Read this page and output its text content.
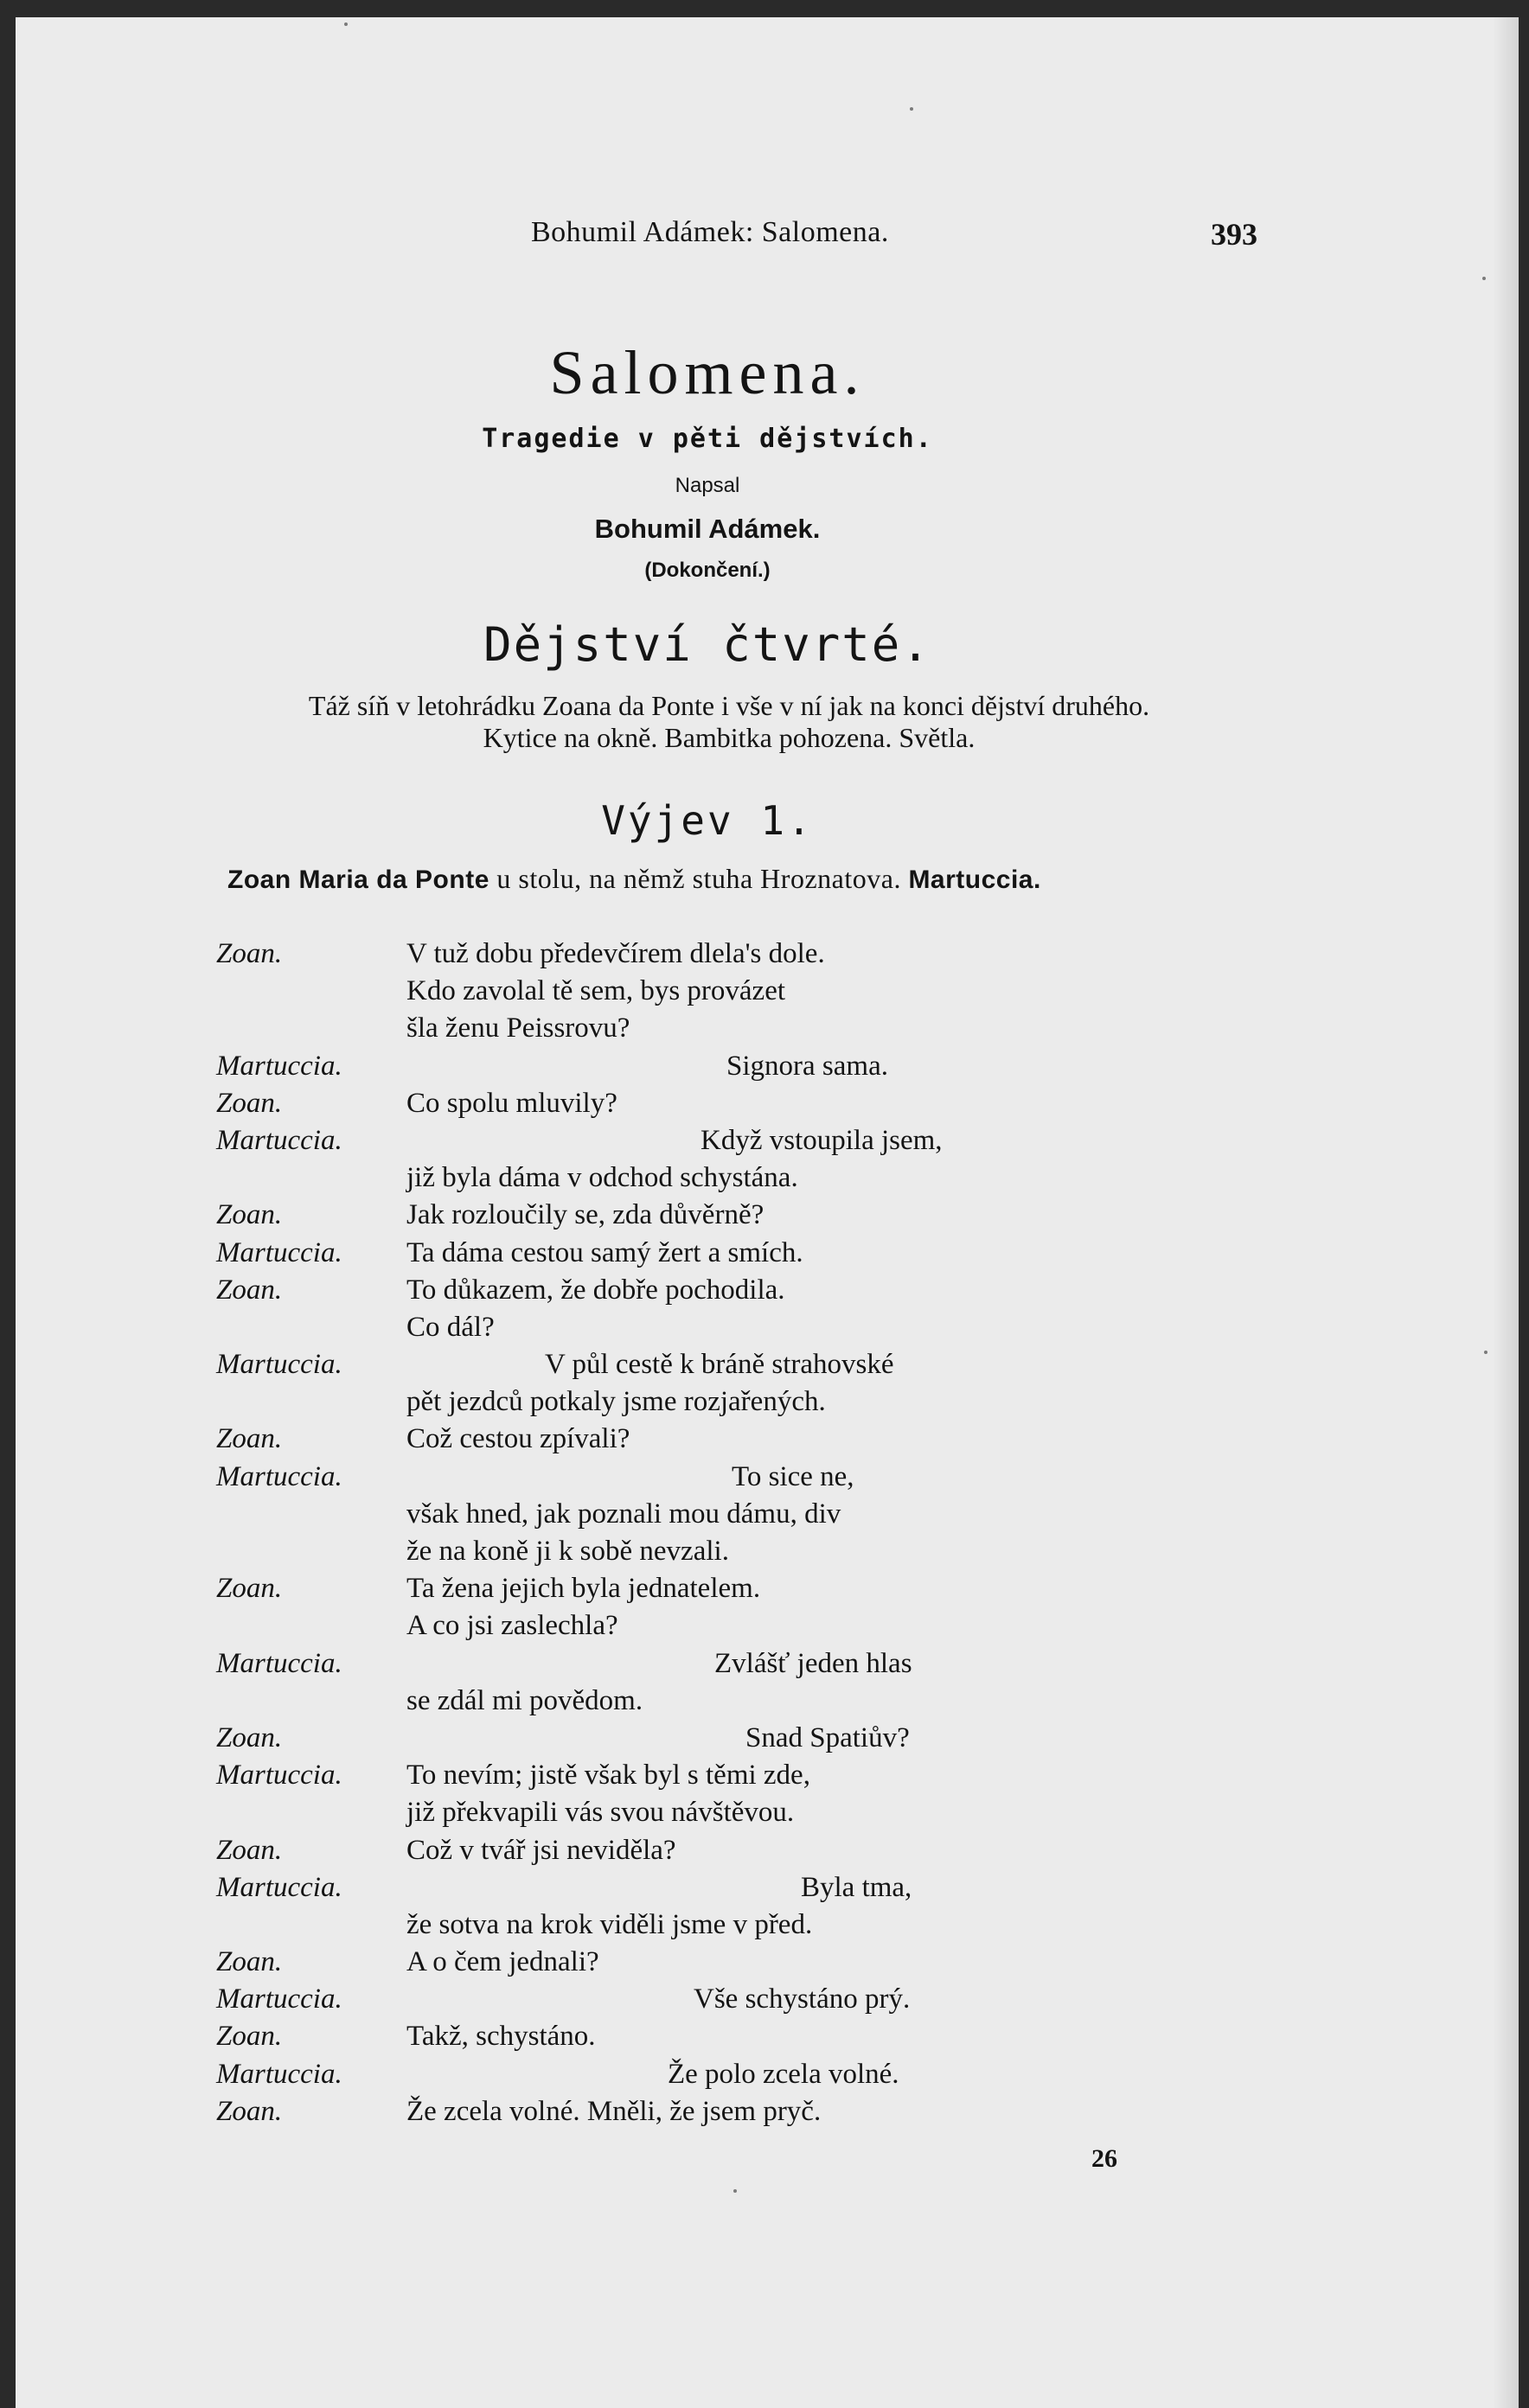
Bohumil Adámek: Salomena.	393
Salomena.
Tragedie v pěti dějstvích.
Napsal
Bohumil Adámek.
(Dokončení.)
Dějství čtvrté.
Táž síň v letohrádku Zoana da Ponte i vše v ní jak na konci dějství druhého.
Kytice na okně. Bambitka pohozena. Světla.
Výjev 1.
Zoan Maria da Ponte u stolu, na němž stuha Hroznatova. Martuccia.
Zoan.	V tuž dobu předevčírem dlela's dole.
Kdo zavolal tě sem, bys provázet
šla ženu Peissrovu?
Martuccia.	Signora sama.
Zoan.	Co spolu mluvily?
Martuccia.	Když vstoupila jsem,
již byla dáma v odchod schystána.
Zoan.	Jak rozloučily se, zda důvěrně?
Martuccia. Ta dáma cestou samý žert a smích.
Zoan.	To důkazem, že dobře pochodila.
Co dál?
Martuccia.	V půl cestě k bráně strahovské
pět jezdců potkaly jsme rozjařených.
Zoan.	Což cestou zpívali?
Martuccia.	To sice ne,
však hned, jak poznali mou dámu, div
že na koně ji k sobě nevzali.
Zoan.	Ta žena jejich byla jednatelem.
A co jsi zaslechla?
Martuccia.	Zvlášť jeden hlas
se zdál mi povědom.
Zoan.	Snad Spatiův?
Martuccia. To nevím; jistě však byl s těmi zde,
již překvapili vás svou návštěvou.
Zoan.	Což v tvář jsi neviděla?
Martuccia.	Byla tma,
že sotva na krok viděli jsme v před.
Zoan.	A o čem jednali?
Martuccia.	Vše schystáno prý.
Zoan.	Takž, schystáno.
Martuccia.	Že polo zcela volné.
Zoan.	Že zcela volné. Mněli, že jsem pryč.
26
